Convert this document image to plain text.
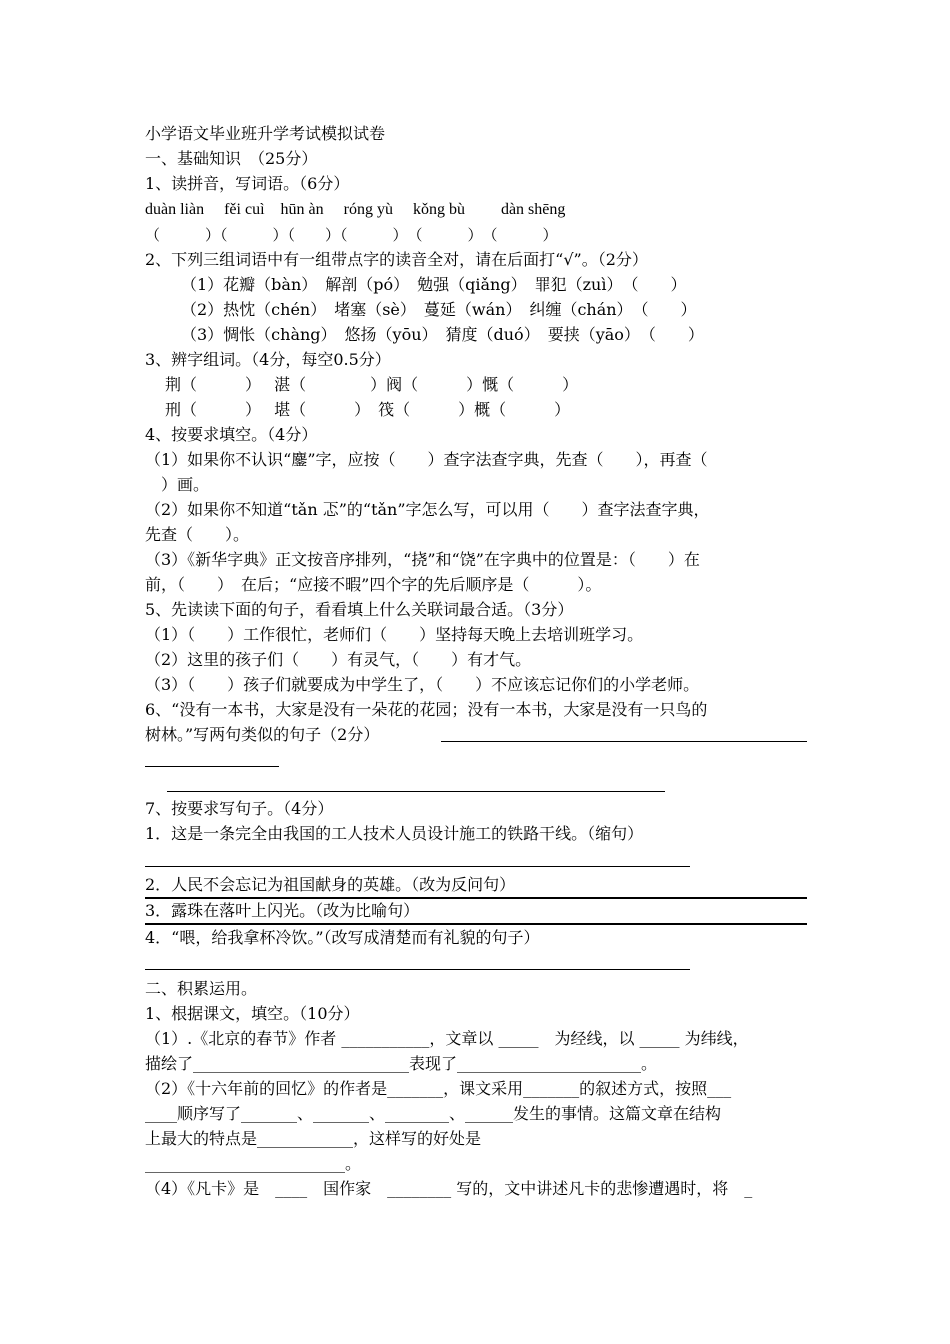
小学语文毕业班升学考试模拟试卷
一、基础知识　（25分）
1、读拼音，写词语。（6分）
duàn liàn　 fěi cuì　hūn àn　 róng yù　 kǒng bù　　 dàn shēng
（　　　）（　　　）（　　）（　　　）　（　　　）　（　　　）
2、下列三组词语中有一组带点字的读音全对，请在后面打“√”。（2分）
　（1）花瓣（bàn）　解剖（pó）　勉强（qiǎng）　罪犯（zuì）　（　　）
　（2）热忱（chén）　堵塞（sè）　蔓延（wán）　纠缠（chán）　（　　）
　（3）惆怅（chàng）　悠扬（yōu）　猜度（duó）　要挟（yāo）　（　　）
3、辨字组词。（4分，每空0.5分）
荆（　　　）　 湛（　　　　）阀（　　　）慨（　　　）
刑（　　　）　 堪（　　　）　筏（　　　）概（　　　）
4、按要求填空。（4分）
（1）如果你不认识“鏖”字，应按（　　）查字法查字典，先查（　　），再查（
　）画。
（2）如果你不知道“tǎn 忑”的“tǎn”字怎么写，可以用（　　）查字法查字典，
先查（　　）。
（3）《新华字典》正文按音序排列，“挠”和“饶”在字典中的位置是：（　　）在
前，（　　）　在后；“应接不暇”四个字的先后顺序是（　　　）。
5、先读读下面的句子，看看填上什么关联词最合适。（3分）
（1）（　　）工作很忙，老师们（　　）坚持每天晚上去培训班学习。
（2）这里的孩子们（　　）有灵气，（　　）有才气。
（3）（　　）孩子们就要成为中学生了，（　　）不应该忘记你们的小学老师。
6、“没有一本书，大家是没有一朵花的花园；没有一本书，大家是没有一只鸟的
树林。”写两句类似的句子（2分）
7、按要求写句子。（4分）
1．这是一条完全由我国的工人技术人员设计施工的铁路干线。（缩句）
2．人民不会忘记为祖国献身的英雄。（改为反问句）
3．露珠在落叶上闪光。（改为比喻句）
4．“喂，给我拿杯冷饮。”（改写成清楚而有礼貌的句子）
二、积累运用。
1、根据课文，填空。（10分）
（1）.《北京的春节》作者 ___________，文章以 _____　为经线，以 _____ 为纬线，
描绘了___________________________表现了_______________________。
（2）《十六年前的回忆》的作者是_______，课文采用_______的叙述方式，按照___
____顺序写了_______、_______、________、______发生的事情。这篇文章在结构
上最大的特点是____________，这样写的好处是
_________________________。
（4）《凡卡》是　____　国作家　________ 写的，文中讲述凡卡的悲惨遭遇时，将　_
